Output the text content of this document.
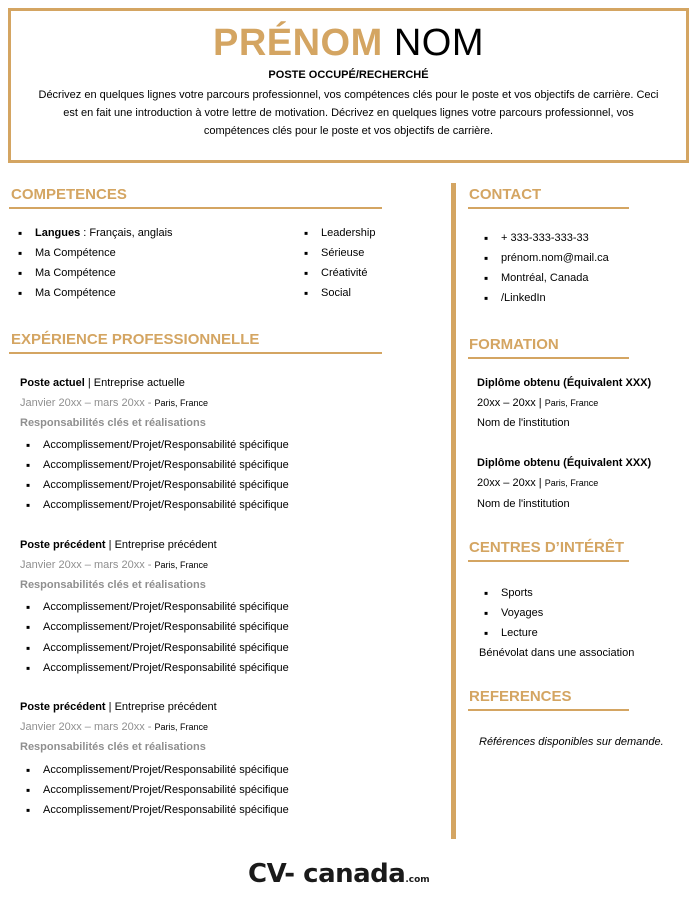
PRÉNOM NOM
POSTE OCCUPÉ/RECHERCHÉ
Décrivez en quelques lignes votre parcours professionnel, vos compétences clés pour le poste et vos objectifs de carrière. Ceci
est en fait une introduction à votre lettre de motivation. Décrivez en quelques lignes votre parcours professionnel, vos
compétences clés pour le poste et vos objectifs de carrière.
COMPETENCES
▪ Langues : Français, anglais
▪ Ma Compétence
▪ Ma Compétence
▪ Ma Compétence
▪ Leadership
▪ Sérieuse
▪ Créativité
▪ Social
EXPÉRIENCE PROFESSIONNELLE
Poste actuel | Entreprise actuelle
Janvier 20xx – mars 20xx - Paris, France
Responsabilités clés et réalisations
▪ Accomplissement/Projet/Responsabilité spécifique
▪ Accomplissement/Projet/Responsabilité spécifique
▪ Accomplissement/Projet/Responsabilité spécifique
▪ Accomplissement/Projet/Responsabilité spécifique
Poste précédent | Entreprise précédent
Janvier 20xx – mars 20xx - Paris, France
Responsabilités clés et réalisations
▪ Accomplissement/Projet/Responsabilité spécifique
▪ Accomplissement/Projet/Responsabilité spécifique
▪ Accomplissement/Projet/Responsabilité spécifique
▪ Accomplissement/Projet/Responsabilité spécifique
Poste précédent | Entreprise précédent
Janvier 20xx – mars 20xx - Paris, France
Responsabilités clés et réalisations
▪ Accomplissement/Projet/Responsabilité spécifique
▪ Accomplissement/Projet/Responsabilité spécifique
▪ Accomplissement/Projet/Responsabilité spécifique
CONTACT
▪ + 333-333-333-33
▪ prénom.nom@mail.ca
▪ Montréal, Canada
▪ /LinkedIn
FORMATION
Diplôme obtenu (Équivalent XXX)
20xx – 20xx | Paris, France
Nom de l'institution
Diplôme obtenu (Équivalent XXX)
20xx – 20xx | Paris, France
Nom de l'institution
CENTRES D’INTÉRÊT
▪ Sports
▪ Voyages
▪ Lecture
Bénévolat dans une association
REFERENCES
Références disponibles sur demande.
CV- canada.com
